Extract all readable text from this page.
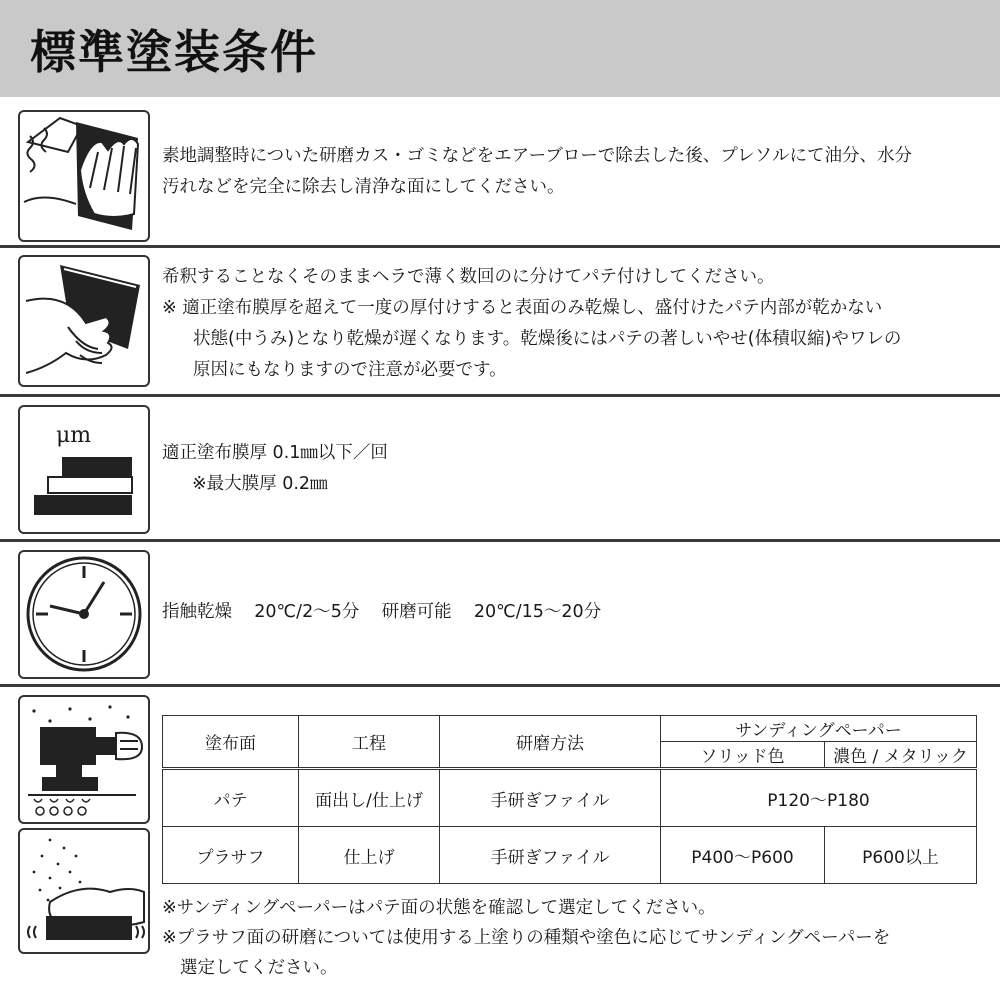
標準塗装条件
素地調整時についた研磨カス・ゴミなどをエアーブローで除去した後、プレソルにて油分、水分
汚れなどを完全に除去し清浄な面にしてください。
希釈することなくそのままヘラで薄く数回のに分けてパテ付けしてください。
※ 適正塗布膜厚を超えて一度の厚付けすると表面のみ乾燥し、盛付けたパテ内部が乾かない
状態(中うみ)となり乾燥が遅くなります。乾燥後にはパテの著しいやせ(体積収縮)やワレの
原因にもなりますので注意が必要です。
μm
適正塗布膜厚 0.1㎜以下／回
※最大膜厚 0.2㎜
指触乾燥    20℃/2～5分    研磨可能    20℃/15～20分
塗布面	工程	研磨方法	サンディングペーパー	
			ソリッド色	濃色 / メタリック
パテ	面出し/仕上げ	手研ぎファイル	P120～P180	
プラサフ	仕上げ	手研ぎファイル	P400～P600	P600以上
※サンディングペーパーはパテ面の状態を確認して選定してください。
※プラサフ面の研磨については使用する上塗りの種類や塗色に応じてサンディングペーパーを
選定してください。
